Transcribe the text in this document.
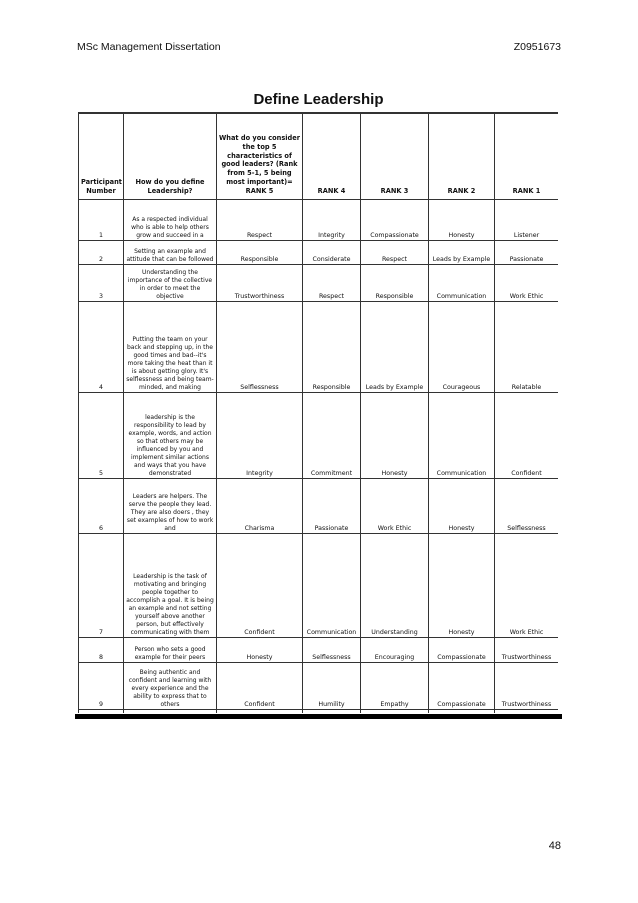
MSc Management Dissertation	Z0951673
Define Leadership
Participant Number	How do you define Leadership?	What do you consider the top 5 characteristics of good leaders? (Rank from 5-1, 5 being most important)= RANK 5	RANK 4	RANK 3	RANK 2	RANK 1
1	As a respected individual who is able to help others grow and succeed in a	Respect	Integrity	Compassionate	Honesty	Listener
2	Setting an example and attitude that can be followed	Responsible	Considerate	Respect	Leads by Example	Passionate
3	Understanding the importance of the collective in order to meet the objective	Trustworthiness	Respect	Responsible	Communication	Work Ethic
4	Putting the team on your back and stepping up, in the good times and bad--it's more taking the heat than it is about getting glory. It's selflessness and being team-minded, and making	Selflessness	Responsible	Leads by Example	Courageous	Relatable
5	leadership is the responsibility to lead by example, words, and action so that others may be influenced by you and implement similar actions and ways that you have demonstrated	Integrity	Commitment	Honesty	Communication	Confident
6	Leaders are helpers. The serve the people they lead. They are also doers , they set examples of how to work and	Charisma	Passionate	Work Ethic	Honesty	Selflessness
7	Leadership is the task of motivating and bringing people together to accomplish a goal. It is being an example and not setting yourself above another person, but effectively communicating with them	Confident	Communication	Understanding	Honesty	Work Ethic
8	Person who sets a good example for their peers	Honesty	Selflessness	Encouraging	Compassionate	Trustworthiness
9	Being authentic and confident and learning with every experience and the ability to express that to others	Confident	Humility	Empathy	Compassionate	Trustworthiness

48
